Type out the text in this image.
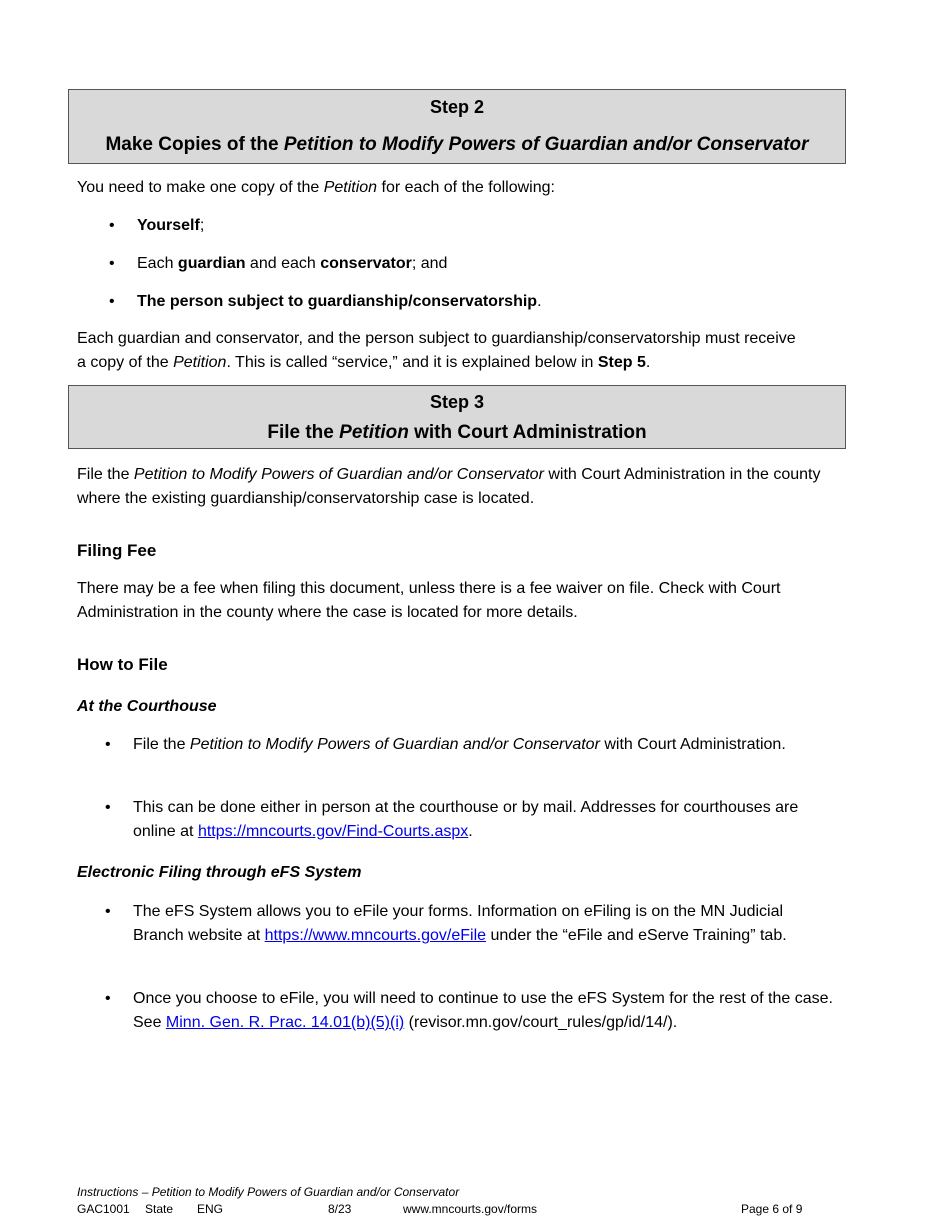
Step 2
Make Copies of the Petition to Modify Powers of Guardian and/or Conservator
You need to make one copy of the Petition for each of the following:
• Yourself;
• Each guardian and each conservator; and
• The person subject to guardianship/conservatorship.
Each guardian and conservator, and the person subject to guardianship/conservatorship must receive a copy of the Petition. This is called “service,” and it is explained below in Step 5.
Step 3
File the Petition with Court Administration
File the Petition to Modify Powers of Guardian and/or Conservator with Court Administration in the county where the existing guardianship/conservatorship case is located.
Filing Fee
There may be a fee when filing this document, unless there is a fee waiver on file. Check with Court Administration in the county where the case is located for more details.
How to File
At the Courthouse
• File the Petition to Modify Powers of Guardian and/or Conservator with Court Administration.
• This can be done either in person at the courthouse or by mail. Addresses for courthouses are online at https://mncourts.gov/Find-Courts.aspx.
Electronic Filing through eFS System
• The eFS System allows you to eFile your forms. Information on eFiling is on the MN Judicial Branch website at https://www.mncourts.gov/eFile under the “eFile and eServe Training” tab.
• Once you choose to eFile, you will need to continue to use the eFS System for the rest of the case. See Minn. Gen. R. Prac. 14.01(b)(5)(i) (revisor.mn.gov/court_rules/gp/id/14/).
Instructions – Petition to Modify Powers of Guardian and/or Conservator
GAC1001 State ENG	8/23	www.mncourts.gov/forms	Page 6 of 9
